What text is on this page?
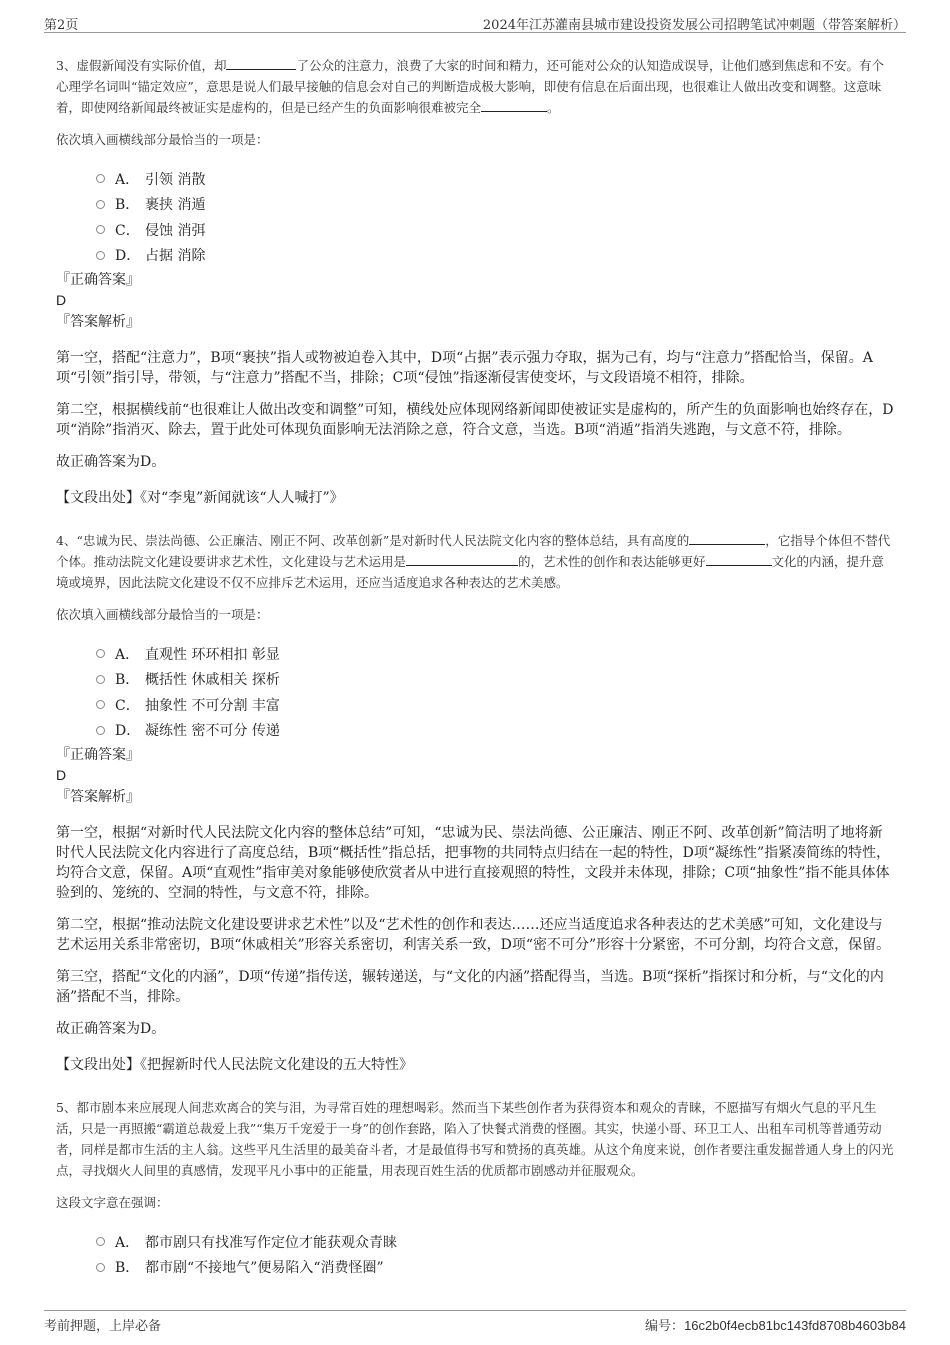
第2页	2024年江苏灌南县城市建设投资发展公司招聘笔试冲刺题（带答案解析）

3、虚假新闻没有实际价值，却	了公众的注意力，浪费了大家的时间和精力，还可能对公众的认知造成误导，让他们感到焦虑和不安。有个心理学名词叫“锚定效应”，意思是说人们最早接触的信息会对自己的判断造成极大影响，即使有信息在后面出现，也很难让人做出改变和调整。这意味着，即使网络新闻最终被证实是虚构的，但是已经产生的负面影响很难被完全	。

依次填入画横线部分最恰当的一项是：

A． 引领 消散
B． 裹挟 消遁
C． 侵蚀 消弭
D． 占据 消除
『正确答案』
D
『答案解析』

第一空，搭配“注意力”，B项“裹挟”指人或物被迫卷入其中，D项“占据”表示强力夺取，据为己有，均与“注意力”搭配恰当，保留。A项“引领”指引导，带领，与“注意力”搭配不当，排除；C项“侵蚀”指逐渐侵害使变坏，与文段语境不相符，排除。

第二空，根据横线前“也很难让人做出改变和调整”可知，横线处应体现网络新闻即使被证实是虚构的，所产生的负面影响也始终存在，D项“消除”指消灭、除去，置于此处可体现负面影响无法消除之意，符合文意，当选。B项“消遁”指消失逃跑，与文意不符，排除。

故正确答案为D。

【文段出处】《对“李鬼”新闻就该“人人喊打”》

4、“忠诚为民、崇法尚德、公正廉洁、刚正不阿、改革创新”是对新时代人民法院文化内容的整体总结，具有高度的	，它指导个体但不替代个体。推动法院文化建设要讲求艺术性，文化建设与艺术运用是	的，艺术性的创作和表达能够更好	文化的内涵，提升意境或境界，因此法院文化建设不仅不应排斥艺术运用，还应当适度追求各种表达的艺术美感。

依次填入画横线部分最恰当的一项是：

A． 直观性 环环相扣 彰显
B． 概括性 休戚相关 探析
C． 抽象性 不可分割 丰富
D． 凝练性 密不可分 传递
『正确答案』
D
『答案解析』

第一空，根据“对新时代人民法院文化内容的整体总结”可知，“忠诚为民、崇法尚德、公正廉洁、刚正不阿、改革创新”简洁明了地将新时代人民法院文化内容进行了高度总结，B项“概括性”指总括，把事物的共同特点归结在一起的特性，D项“凝练性”指紧凑简练的特性，均符合文意，保留。A项“直观性”指审美对象能够使欣赏者从中进行直接观照的特性，文段并未体现，排除；C项“抽象性”指不能具体体验到的、笼统的、空洞的特性，与文意不符，排除。

第二空，根据“推动法院文化建设要讲求艺术性”以及“艺术性的创作和表达……还应当适度追求各种表达的艺术美感”可知，文化建设与艺术运用关系非常密切，B项“休戚相关”形容关系密切，利害关系一致，D项“密不可分”形容十分紧密，不可分割，均符合文意，保留。

第三空，搭配“文化的内涵”，D项“传递”指传送，辗转递送，与“文化的内涵”搭配得当，当选。B项“探析”指探讨和分析，与“文化的内涵”搭配不当，排除。

故正确答案为D。

【文段出处】《把握新时代人民法院文化建设的五大特性》

5、都市剧本来应展现人间悲欢离合的笑与泪，为寻常百姓的理想喝彩。然而当下某些创作者为获得资本和观众的青睐，不愿描写有烟火气息的平凡生活，只是一再照搬“霸道总裁爱上我”“集万千宠爱于一身”的创作套路，陷入了快餐式消费的怪圈。其实，快递小哥、环卫工人、出租车司机等普通劳动者，同样是都市生活的主人翁。这些平凡生活里的最美奋斗者，才是最值得书写和赞扬的真英雄。从这个角度来说，创作者要注重发掘普通人身上的闪光点，寻找烟火人间里的真感情，发现平凡小事中的正能量，用表现百姓生活的优质都市剧感动并征服观众。

这段文字意在强调：

A． 都市剧只有找准写作定位才能获观众青睐
B． 都市剧“不接地气”便易陷入“消费怪圈”
考前押题，上岸必备	编号：16c2b0f4ecb81bc143fd8708b4603b84
